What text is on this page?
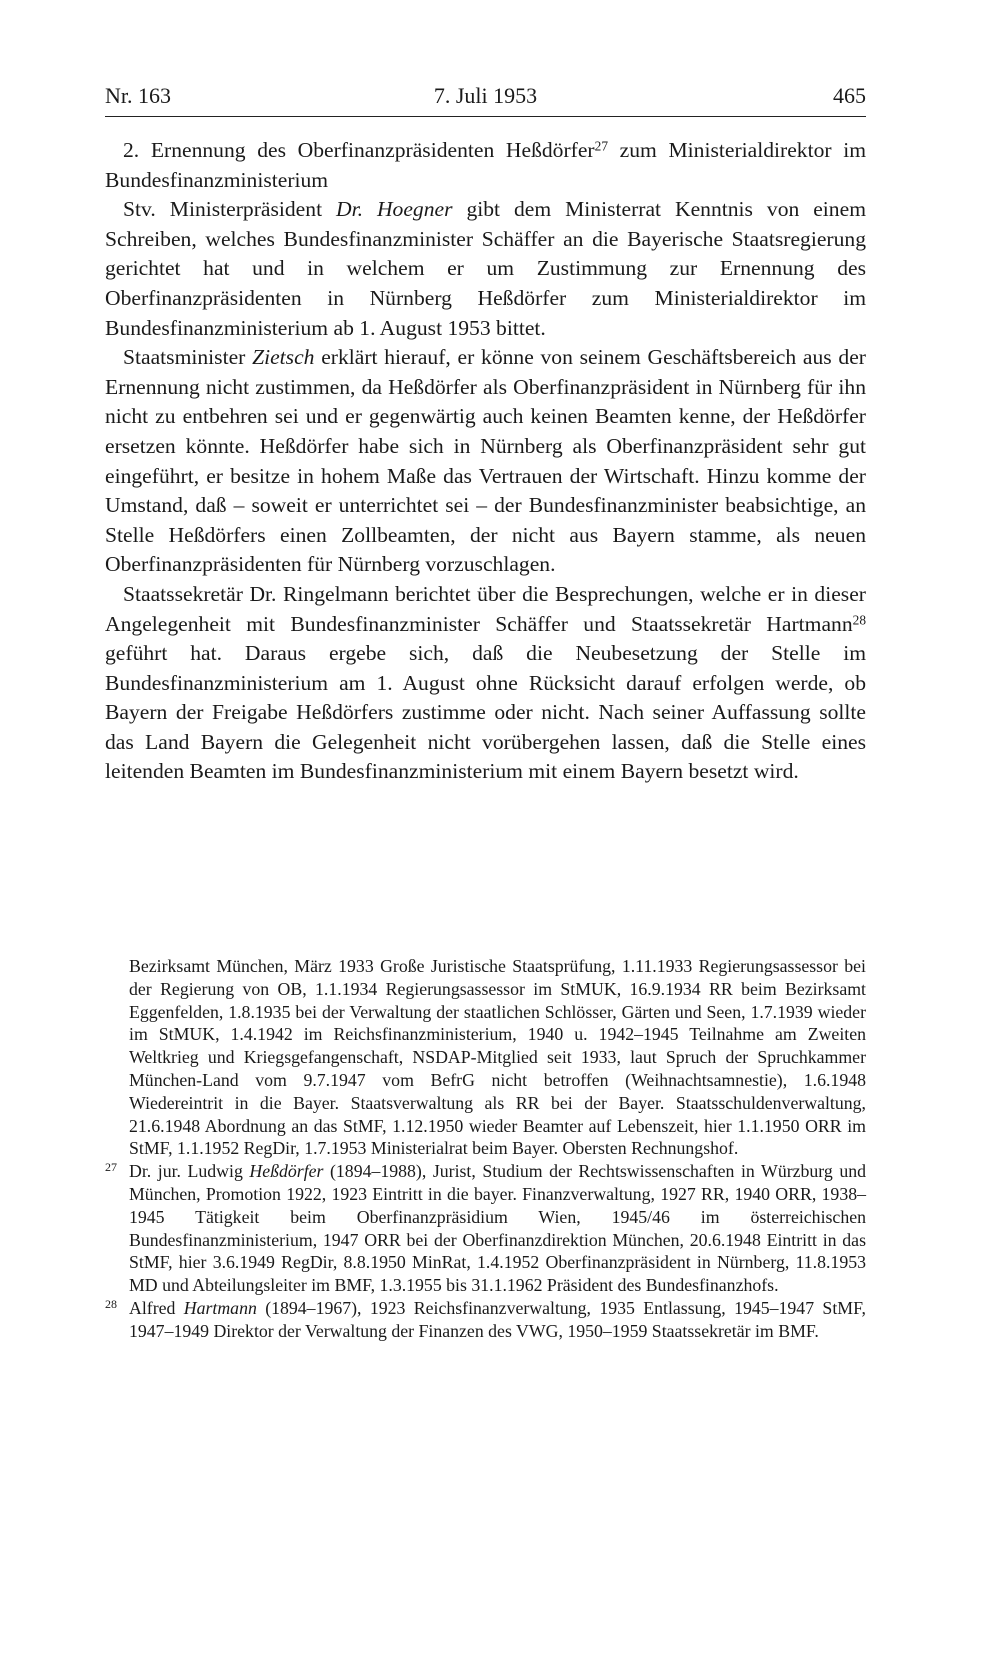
Nr. 163	7. Juli 1953	465

2. Ernennung des Oberfinanzpräsidenten Heßdörfer$^{27}$ zum Ministerialdirektor im Bundesfinanzministerium

Stv. Ministerpräsident Dr. Hoegner gibt dem Ministerrat Kenntnis von einem Schreiben, welches Bundesfinanzminister Schäffer an die Bayerische Staatsregierung gerichtet hat und in welchem er um Zustimmung zur Ernennung des Oberfinanzpräsidenten in Nürnberg Heßdörfer zum Ministerialdirektor im Bundesfinanzministerium ab 1. August 1953 bittet.

Staatsminister Zietsch erklärt hierauf, er könne von seinem Geschäftsbereich aus der Ernennung nicht zustimmen, da Heßdörfer als Oberfinanzpräsident in Nürnberg für ihn nicht zu entbehren sei und er gegenwärtig auch keinen Beamten kenne, der Heßdörfer ersetzen könnte. Heßdörfer habe sich in Nürnberg als Oberfinanzpräsident sehr gut eingeführt, er besitze in hohem Maße das Vertrauen der Wirtschaft. Hinzu komme der Umstand, daß – soweit er unterrichtet sei – der Bundesfinanzminister beabsichtige, an Stelle Heßdörfers einen Zollbeamten, der nicht aus Bayern stamme, als neuen Oberfinanzpräsidenten für Nürnberg vorzuschlagen.

Staatssekretär Dr. Ringelmann berichtet über die Besprechungen, welche er in dieser Angelegenheit mit Bundesfinanzminister Schäffer und Staatssekretär Hartmann$^{28}$ geführt hat. Daraus ergebe sich, daß die Neubesetzung der Stelle im Bundesfinanzministerium am 1. August ohne Rücksicht darauf erfolgen werde, ob Bayern der Freigabe Heßdörfers zustimme oder nicht. Nach seiner Auffassung sollte das Land Bayern die Gelegenheit nicht vorübergehen lassen, daß die Stelle eines leitenden Beamten im Bundesfinanzministerium mit einem Bayern besetzt wird.

Bezirksamt München, März 1933 Große Juristische Staatsprüfung, 1.11.1933 Regierungsassessor bei der Regierung von OB, 1.1.1934 Regierungsassessor im StMUK, 16.9.1934 RR beim Bezirksamt Eggenfelden, 1.8.1935 bei der Verwaltung der staatlichen Schlösser, Gärten und Seen, 1.7.1939 wieder im StMUK, 1.4.1942 im Reichsfinanzministerium, 1940 u. 1942–1945 Teilnahme am Zweiten Weltkrieg und Kriegsgefangenschaft, NSDAP-Mitglied seit 1933, laut Spruch der Spruchkammer München-Land vom 9.7.1947 vom BefrG nicht betroffen (Weihnachtsamnestie), 1.6.1948 Wiedereintrit in die Bayer. Staatsverwaltung als RR bei der Bayer. Staatsschuldenverwaltung, 21.6.1948 Abordnung an das StMF, 1.12.1950 wieder Beamter auf Lebenszeit, hier 1.1.1950 ORR im StMF, 1.1.1952 RegDir, 1.7.1953 Ministerialrat beim Bayer. Obersten Rechnungshof.

27 Dr. jur. Ludwig Heßdörfer (1894–1988), Jurist, Studium der Rechtswissenschaften in Würzburg und München, Promotion 1922, 1923 Eintritt in die bayer. Finanzverwaltung, 1927 RR, 1940 ORR, 1938–1945 Tätigkeit beim Oberfinanzpräsidium Wien, 1945/46 im österreichischen Bundesfinanzministerium, 1947 ORR bei der Oberfinanzdirektion München, 20.6.1948 Eintritt in das StMF, hier 3.6.1949 RegDir, 8.8.1950 MinRat, 1.4.1952 Oberfinanzpräsident in Nürnberg, 11.8.1953 MD und Abteilungsleiter im BMF, 1.3.1955 bis 31.1.1962 Präsident des Bundesfinanzhofs.

28 Alfred Hartmann (1894–1967), 1923 Reichsfinanzverwaltung, 1935 Entlassung, 1945–1947 StMF, 1947–1949 Direktor der Verwaltung der Finanzen des VWG, 1950–1959 Staatssekretär im BMF.
